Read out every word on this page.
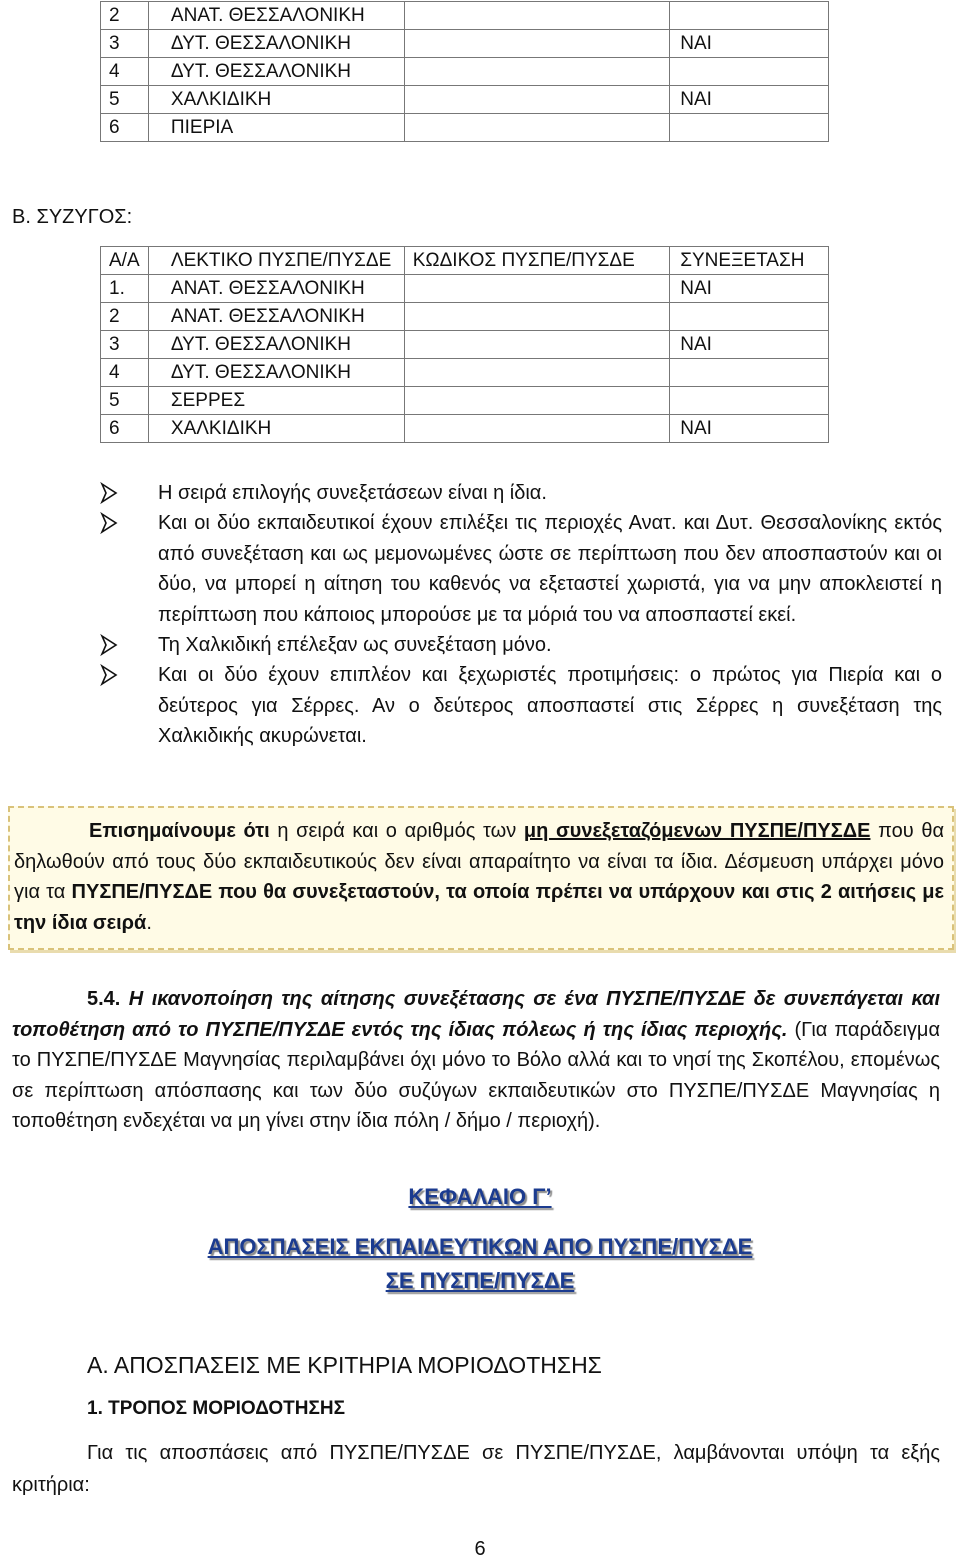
2	ΑΝΑΤ. ΘΕΣΣΑΛΟΝΙΚΗ		
3	ΔΥΤ. ΘΕΣΣΑΛΟΝΙΚΗ		ΝΑΙ
4	ΔΥΤ. ΘΕΣΣΑΛΟΝΙΚΗ		
5	ΧΑΛΚΙΔΙΚΗ		ΝΑΙ
6	ΠΙΕΡΙΑ		
Β. ΣΥΖΥΓΟΣ:
Α/Α	ΛΕΚΤΙΚΟ ΠΥΣΠΕ/ΠΥΣΔΕ	ΚΩΔΙΚΟΣ ΠΥΣΠΕ/ΠΥΣΔΕ	ΣΥΝΕΞΕΤΑΣΗ
1.	ΑΝΑΤ. ΘΕΣΣΑΛΟΝΙΚΗ		ΝΑΙ
2	ΑΝΑΤ. ΘΕΣΣΑΛΟΝΙΚΗ		
3	ΔΥΤ. ΘΕΣΣΑΛΟΝΙΚΗ		ΝΑΙ
4	ΔΥΤ. ΘΕΣΣΑΛΟΝΙΚΗ		
5	ΣΕΡΡΕΣ		
6	ΧΑΛΚΙΔΙΚΗ		ΝΑΙ
Η σειρά επιλογής συνεξετάσεων είναι η ίδια.
Και οι δύο εκπαιδευτικοί έχουν επιλέξει τις περιοχές Ανατ. και Δυτ. Θεσσαλονίκης εκτός από συνεξέταση και ως μεμονωμένες ώστε σε περίπτωση που δεν αποσπαστούν και οι δύο, να μπορεί η αίτηση του καθενός να εξεταστεί χωριστά, για να μην αποκλειστεί η περίπτωση που κάποιος μπορούσε με τα μόριά του να αποσπαστεί εκεί.
Τη Χαλκιδική επέλεξαν ως συνεξέταση μόνο.
Και οι δύο έχουν επιπλέον και ξεχωριστές προτιμήσεις: ο πρώτος για Πιερία και ο δεύτερος για Σέρρες. Αν ο δεύτερος αποσπαστεί στις Σέρρες η συνεξέταση της Χαλκιδικής ακυρώνεται.
Επισημαίνουμε ότι η σειρά και ο αριθμός των μη συνεξεταζόμενων ΠΥΣΠΕ/ΠΥΣΔΕ που θα δηλωθούν από τους δύο εκπαιδευτικούς δεν είναι απαραίτητο να είναι τα ίδια. Δέσμευση υπάρχει μόνο για τα ΠΥΣΠΕ/ΠΥΣΔΕ που θα συνεξεταστούν, τα οποία πρέπει να υπάρχουν και στις 2 αιτήσεις με την ίδια σειρά.
5.4. Η ικανοποίηση της αίτησης συνεξέτασης σε ένα ΠΥΣΠΕ/ΠΥΣΔΕ δε συνεπάγεται και τοποθέτηση από το ΠΥΣΠΕ/ΠΥΣΔΕ εντός της ίδιας πόλεως ή της ίδιας περιοχής. (Για παράδειγμα το ΠΥΣΠΕ/ΠΥΣΔΕ Μαγνησίας περιλαμβάνει όχι μόνο το Βόλο αλλά και το νησί της Σκοπέλου, επομένως σε περίπτωση απόσπασης και των δύο συζύγων εκπαιδευτικών στο ΠΥΣΠΕ/ΠΥΣΔΕ Μαγνησίας η τοποθέτηση ενδεχέται να μη γίνει στην ίδια πόλη / δήμο / περιοχή).
ΚΕΦΑΛΑΙΟ Γ’
ΑΠΟΣΠΑΣΕΙΣ ΕΚΠΑΙΔΕΥΤΙΚΩΝ ΑΠΟ ΠΥΣΠΕ/ΠΥΣΔΕ
ΣΕ ΠΥΣΠΕ/ΠΥΣΔΕ
Α. ΑΠΟΣΠΑΣΕΙΣ ΜΕ ΚΡΙΤΗΡΙΑ ΜΟΡΙΟΔΟΤΗΣΗΣ
1. ΤΡΟΠΟΣ ΜΟΡΙΟΔΟΤΗΣΗΣ
Για τις αποσπάσεις από ΠΥΣΠΕ/ΠΥΣΔΕ σε ΠΥΣΠΕ/ΠΥΣΔΕ, λαμβάνονται υπόψη τα εξής κριτήρια:
6
